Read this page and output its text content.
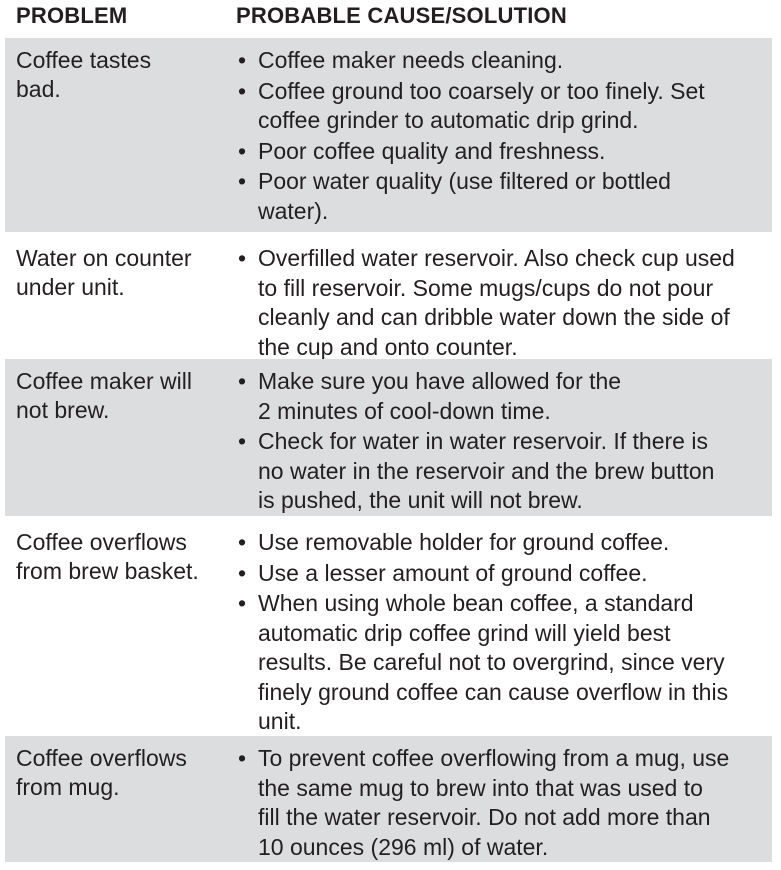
PROBLEM	PROBABLE CAUSE/SOLUTION
Coffee tastes
bad.
• Coffee maker needs cleaning.
• Coffee ground too coarsely or too finely. Set
coffee grinder to automatic drip grind.
• Poor coffee quality and freshness.
• Poor water quality (use filtered or bottled
water).
Water on counter
under unit.
• Overfilled water reservoir. Also check cup used
to fill reservoir. Some mugs/cups do not pour
cleanly and can dribble water down the side of
the cup and onto counter.
Coffee maker will
not brew.
• Make sure you have allowed for the
2 minutes of cool-down time.
• Check for water in water reservoir. If there is
no water in the reservoir and the brew button
is pushed, the unit will not brew.
Coffee overflows
from brew basket.
• Use removable holder for ground coffee.
• Use a lesser amount of ground coffee.
• When using whole bean coffee, a standard
automatic drip coffee grind will yield best
results. Be careful not to overgrind, since very
finely ground coffee can cause overflow in this
unit.
Coffee overflows
from mug.
• To prevent coffee overflowing from a mug, use
the same mug to brew into that was used to
fill the water reservoir. Do not add more than
10 ounces (296 ml) of water.
